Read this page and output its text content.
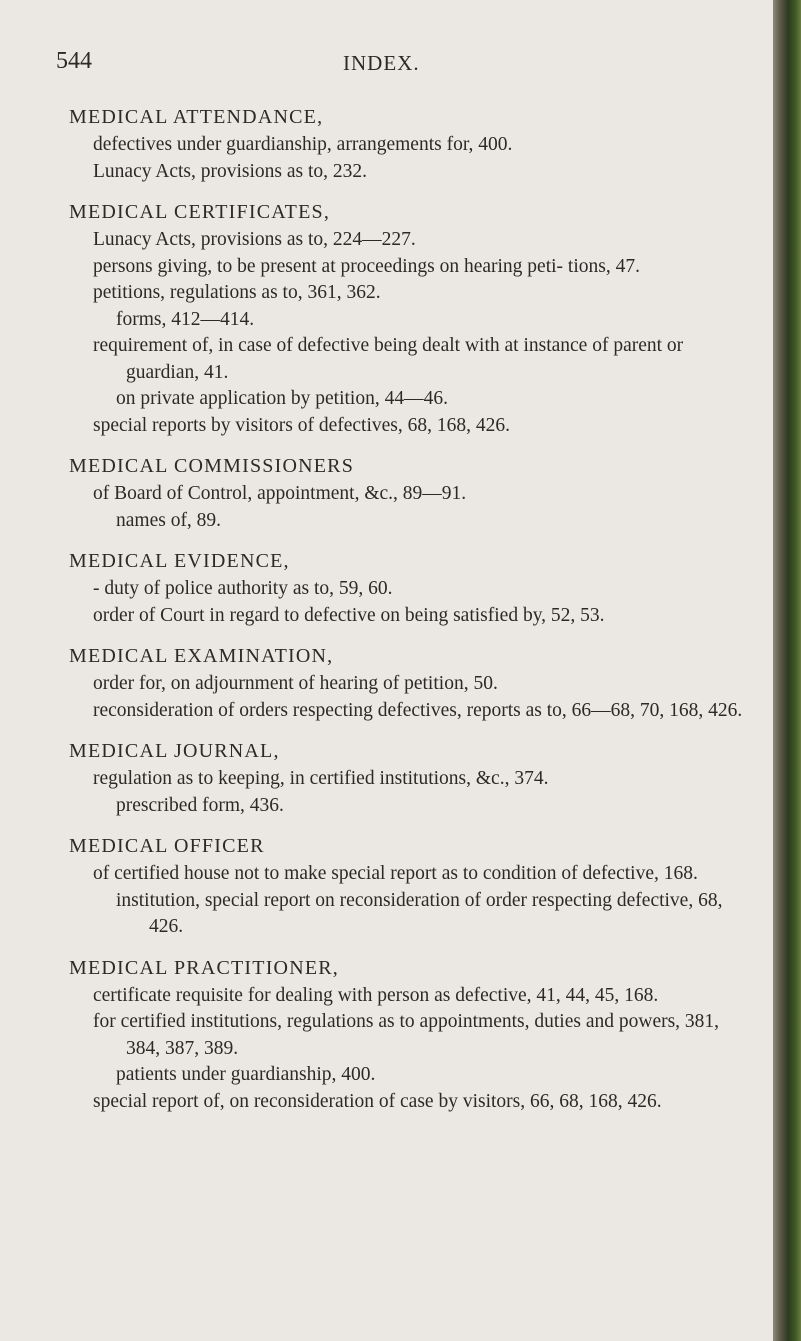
544	INDEX.
MEDICAL ATTENDANCE,
defectives under guardianship, arrangements for, 400.
Lunacy Acts, provisions as to, 232.
MEDICAL CERTIFICATES,
Lunacy Acts, provisions as to, 224—227.
persons giving, to be present at proceedings on hearing peti- tions, 47.
petitions, regulations as to, 361, 362.
forms, 412—414.
requirement of, in case of defective being dealt with at instance of parent or guardian, 41.
on private application by petition, 44—46.
special reports by visitors of defectives, 68, 168, 426.
MEDICAL COMMISSIONERS
of Board of Control, appointment, &c., 89—91.
names of, 89.
MEDICAL EVIDENCE,
- duty of police authority as to, 59, 60.
order of Court in regard to defective on being satisfied by, 52, 53.
MEDICAL EXAMINATION,
order for, on adjournment of hearing of petition, 50.
reconsideration of orders respecting defectives, reports as to, 66—68, 70, 168, 426.
MEDICAL JOURNAL,
regulation as to keeping, in certified institutions, &c., 374.
prescribed form, 436.
MEDICAL OFFICER
of certified house not to make special report as to condition of defective, 168.
institution, special report on reconsideration of order respecting defective, 68, 426.
MEDICAL PRACTITIONER,
certificate requisite for dealing with person as defective, 41, 44, 45, 168.
for certified institutions, regulations as to appointments, duties and powers, 381, 384, 387, 389.
patients under guardianship, 400.
special report of, on reconsideration of case by visitors, 66, 68, 168, 426.
